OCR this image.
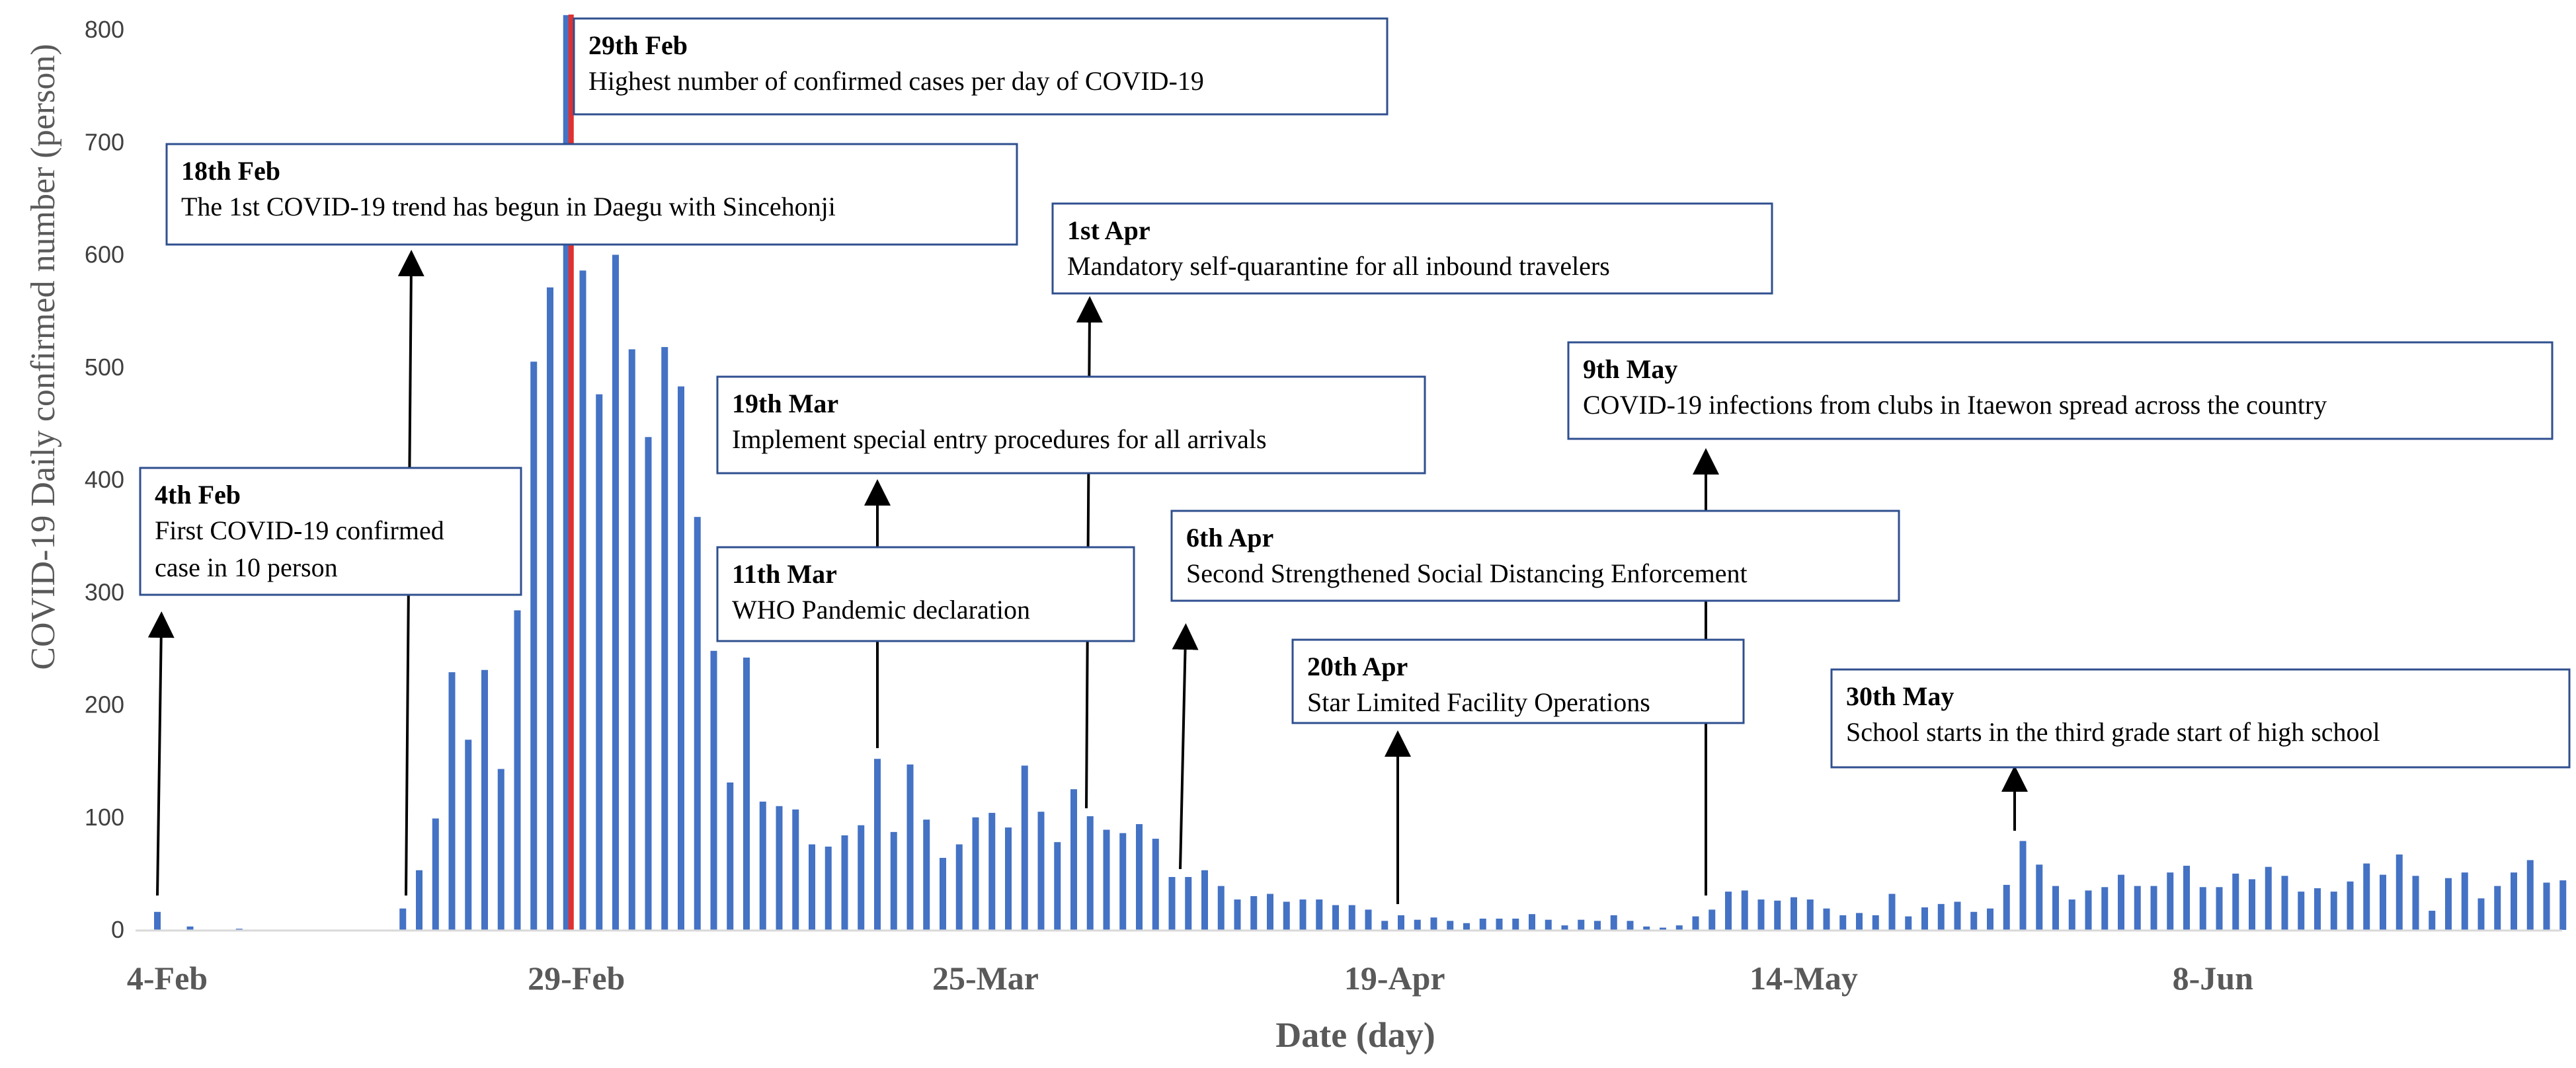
0
100
200
300
400
500
600
700
800
4th Feb
First COVID-19 confirmed
case in 10 person
18th Feb
The 1st COVID-19 trend has begun in Daegu with Sincehonji
29th Feb
Highest number of confirmed cases per day of COVID-19
11th Mar
WHO Pandemic declaration
19th Mar
Implement special entry procedures for all arrivals
1st Apr
Mandatory self-quarantine for all inbound travelers
6th Apr
Second Strengthened Social Distancing Enforcement
20th Apr
Star Limited Facility Operations
9th May
COVID-19 infections from clubs in Itaewon spread across the country
30th May
School starts in the third grade start of high school
4-Feb	29-Feb	25-Mar	19-Apr	14-May	8-Jun
Date (day)
COVID-19 Daily confirmed number (person)
